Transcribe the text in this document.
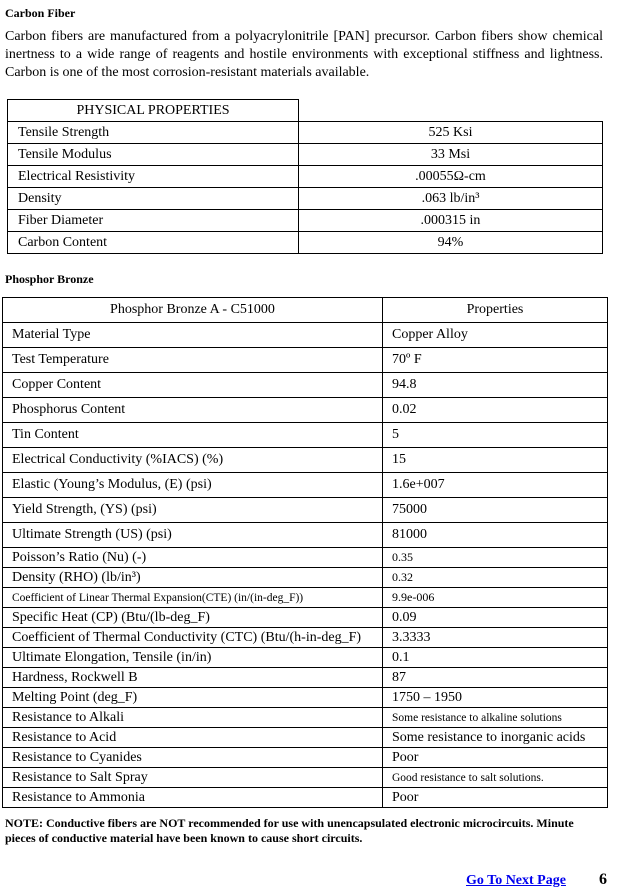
Carbon Fiber
Carbon fibers are manufactured from a polyacrylonitrile [PAN] precursor. Carbon fibers show chemical inertness to a wide range of reagents and hostile environments with exceptional stiffness and lightness. Carbon is one of the most corrosion-resistant materials available.
PHYSICAL PROPERTIES	
Tensile Strength	525 Ksi
Tensile Modulus	33 Msi
Electrical Resistivity	.00055Ω-cm
Density	.063 lb/in³
Fiber Diameter	.000315 in
Carbon Content	94%
Phosphor Bronze
Phosphor Bronze A - C51000	Properties
Material Type	Copper Alloy
Test Temperature	70º F
Copper Content	94.8
Phosphorus Content	0.02
Tin Content	5
Electrical Conductivity (%IACS) (%)	15
Elastic (Young’s Modulus, (E) (psi)	1.6e+007
Yield Strength, (YS) (psi)	75000
Ultimate Strength (US) (psi)	81000
Poisson’s Ratio (Nu) (-)	0.35
Density (RHO) (lb/in³)	0.32
Coefficient of Linear Thermal Expansion(CTE) (in/(in-deg_F))	9.9e-006
Specific Heat (CP) (Btu/(lb-deg_F)	0.09
Coefficient of Thermal Conductivity (CTC) (Btu/(h-in-deg_F)	3.3333
Ultimate Elongation, Tensile (in/in)	0.1
Hardness, Rockwell B	87
Melting Point (deg_F)	1750 – 1950
Resistance to Alkali	Some resistance to alkaline solutions
Resistance to Acid	Some resistance to inorganic acids
Resistance to Cyanides	Poor
Resistance to Salt Spray	Good resistance to salt solutions.
Resistance to Ammonia	Poor
NOTE: Conductive fibers are NOT recommended for use with unencapsulated electronic microcircuits. Minute pieces of conductive material have been known to cause short circuits.
Go To Next Page 6
